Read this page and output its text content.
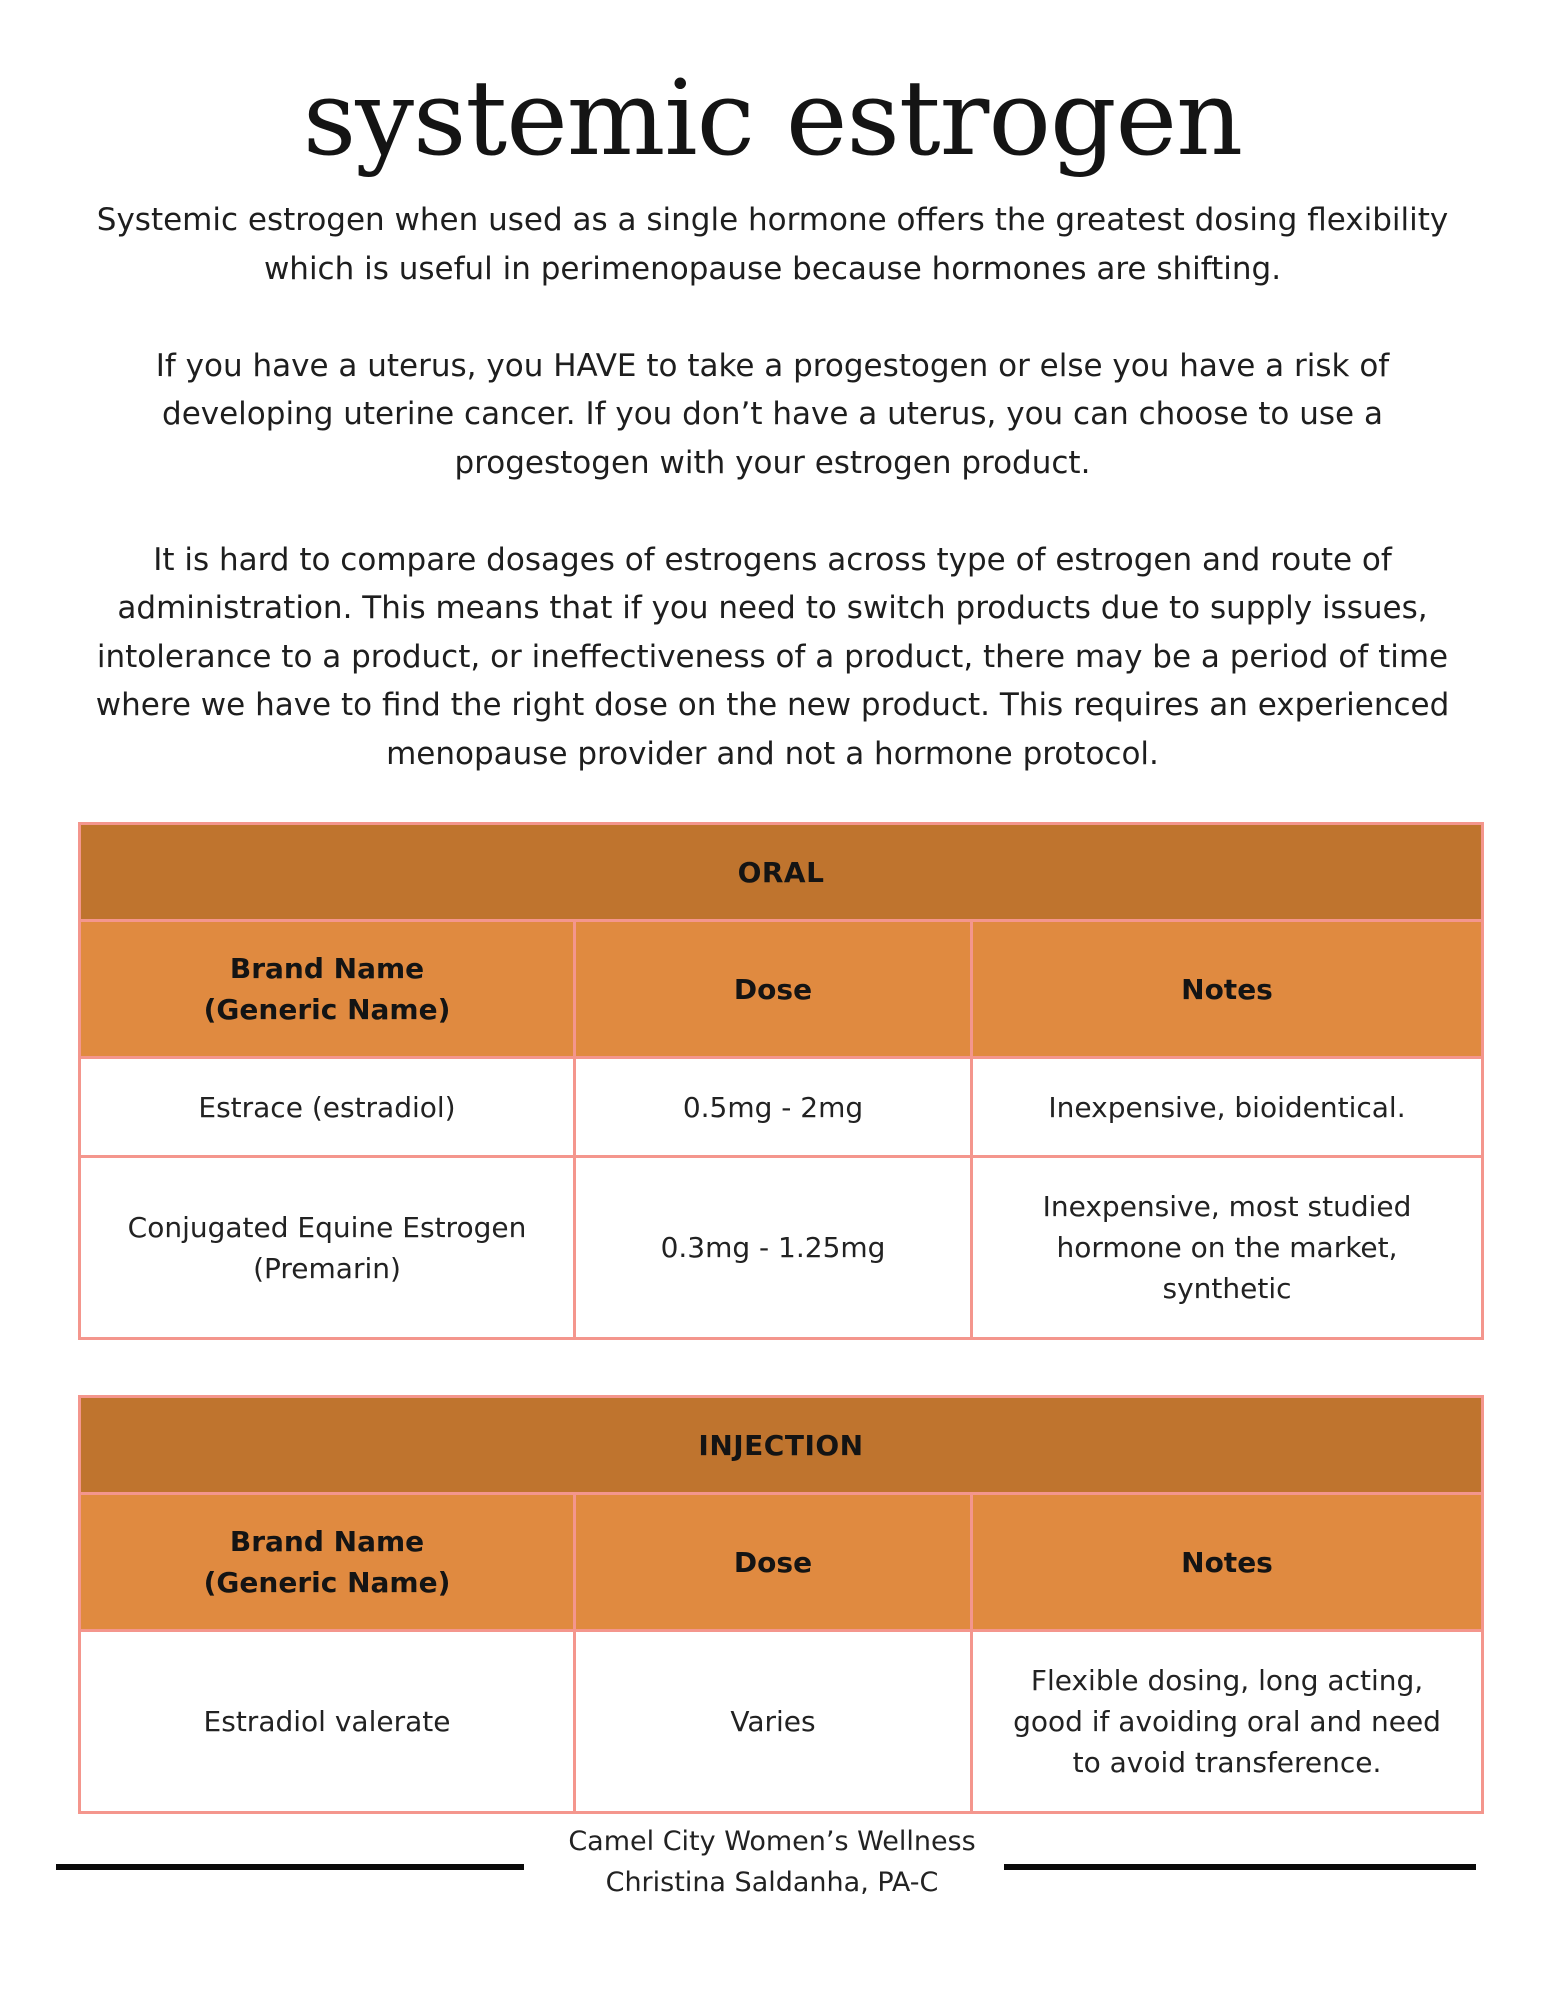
systemic estrogen

Systemic estrogen when used as a single hormone offers the greatest dosing flexibility which is useful in perimenopause because hormones are shifting.

If you have a uterus, you HAVE to take a progestogen or else you have a risk of developing uterine cancer. If you don’t have a uterus, you can choose to use a progestogen with your estrogen product.

It is hard to compare dosages of estrogens across type of estrogen and route of administration. This means that if you need to switch products due to supply issues, intolerance to a product, or ineffectiveness of a product, there may be a period of time where we have to find the right dose on the new product. This requires an experienced menopause provider and not a hormone protocol.

ORAL		

Brand Name
(Generic Name)	Dose	Notes
Estrace (estradiol)	0.5mg - 2mg	Inexpensive, bioidentical.
Conjugated Equine Estrogen (Premarin)	0.3mg - 1.25mg	Inexpensive, most studied hormone on the market, synthetic
INJECTION		

Brand Name
(Generic Name)	Dose	Notes
Estradiol valerate	Varies	Flexible dosing, long acting, good if avoiding oral and need to avoid transference.
Camel City Women’s Wellness
Christina Saldanha, PA-C
